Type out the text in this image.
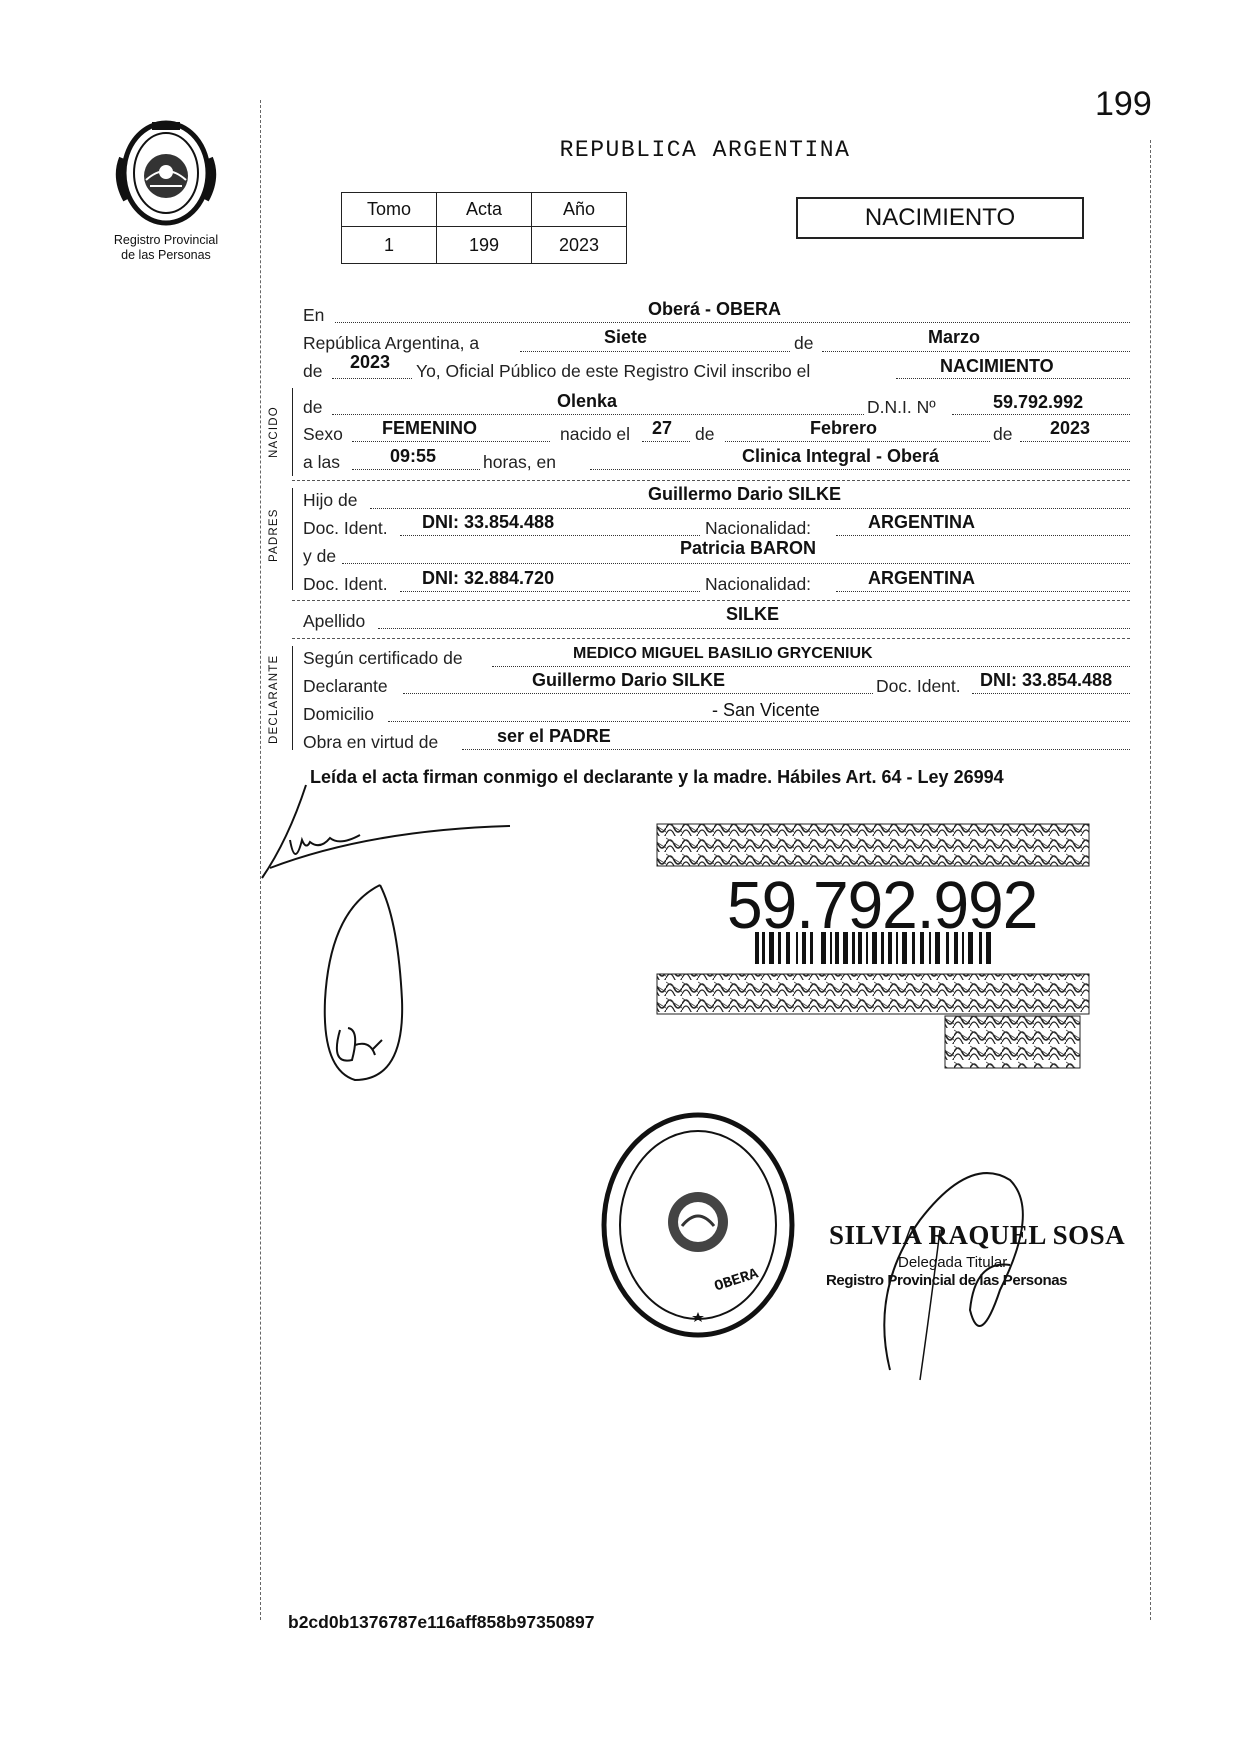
199
Registro Provincial
de las Personas
REPUBLICA ARGENTINA
Tomo	Acta	Año
1	199	2023
NACIMIENTO
En	Oberá - OBERA
República Argentina, a	Siete	de	Marzo
de 2023 Yo, Oficial Público de este Registro Civil inscribo el	NACIMIENTO
NACIDO de	Olenka	D.N.I. Nº	59.792.992
Sexo FEMENINO	nacido el 27 de	Febrero	de 2023
a las	09:55	horas, en	Clinica Integral - Oberá
PADRES
Hijo de	Guillermo Dario SILKE
Doc. Ident. DNI: 33.854.488	Nacionalidad:	ARGENTINA
y de	Patricia BARON
Doc. Ident. DNI: 32.884.720	Nacionalidad:	ARGENTINA
Apellido	SILKE
DECLARANTE Según certificado de	MEDICO MIGUEL BASILIO GRYCENIUK
Declarante	Guillermo Dario SILKE	Doc. Ident. DNI: 33.854.488
Domicilio	- San Vicente
Obra en virtud de	ser el PADRE
Leída el acta firman conmigo el declarante y la madre. Hábiles Art. 64 - Ley 26994
59.792.992
OBERA
DELEGACION DEL REGISTRO PROVINCIAL DE LAS PERSONAS
SILVIA RAQUEL SOSA
Delegada Titular
Registro Provincial de las Personas
b2cd0b1376787e116aff858b97350897
